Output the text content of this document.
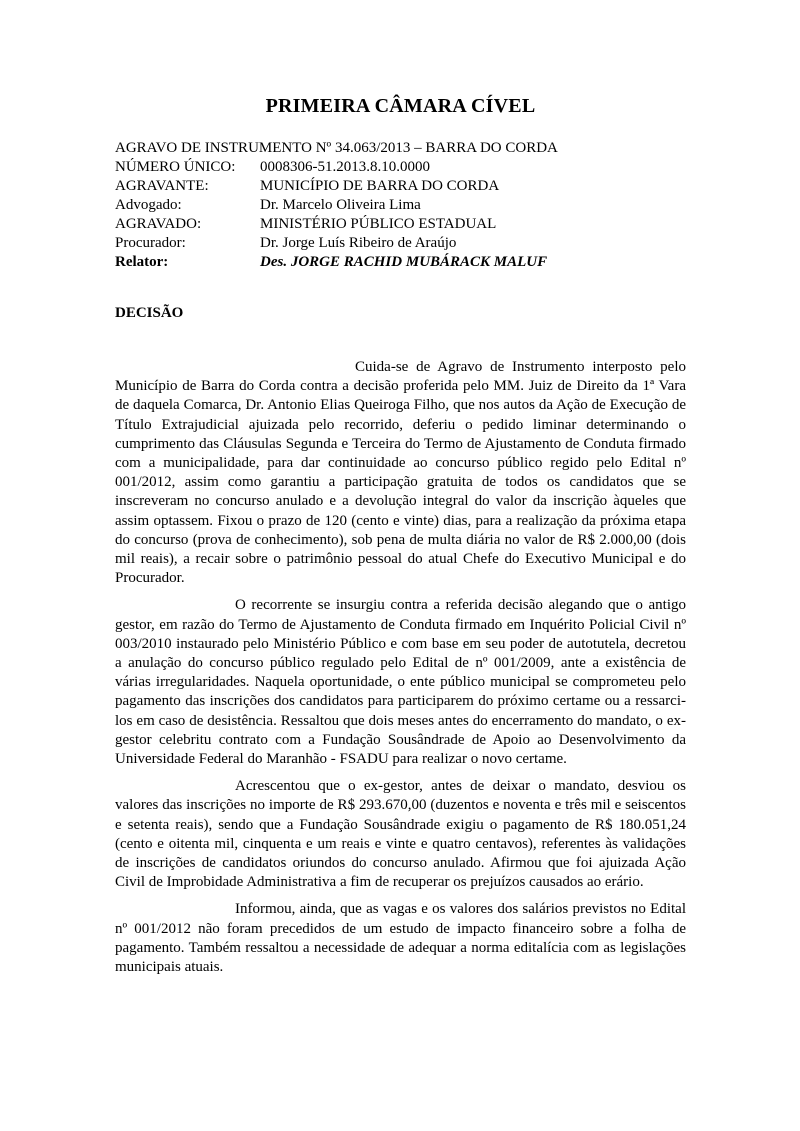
PRIMEIRA CÂMARA CÍVEL
AGRAVO DE INSTRUMENTO Nº 34.063/2013 – BARRA DO CORDA
NÚMERO ÚNICO:	0008306-51.2013.8.10.0000
AGRAVANTE:	MUNICÍPIO DE BARRA DO CORDA
Advogado:	Dr. Marcelo Oliveira Lima
AGRAVADO:	MINISTÉRIO PÚBLICO ESTADUAL
Procurador:	Dr. Jorge Luís Ribeiro de Araújo
Relator:	Des. JORGE RACHID MUBÁRACK MALUF
DECISÃO

Cuida-se de Agravo de Instrumento interposto pelo Município de Barra do Corda contra a decisão proferida pelo MM. Juiz de Direito da 1ª Vara de daquela Comarca, Dr. Antonio Elias Queiroga Filho, que nos autos da Ação de Execução de Título Extrajudicial ajuizada pelo recorrido, deferiu o pedido liminar determinando o cumprimento das Cláusulas Segunda e Terceira do Termo de Ajustamento de Conduta firmado com a municipalidade, para dar continuidade ao concurso público regido pelo Edital nº 001/2012, assim como garantiu a participação gratuita de todos os candidatos que se inscreveram no concurso anulado e a devolução integral do valor da inscrição àqueles que assim optassem. Fixou o prazo de 120 (cento e vinte) dias, para a realização da próxima etapa do concurso (prova de conhecimento), sob pena de multa diária no valor de R$ 2.000,00 (dois mil reais), a recair sobre o patrimônio pessoal do atual Chefe do Executivo Municipal e do Procurador.

O recorrente se insurgiu contra a referida decisão alegando que o antigo gestor, em razão do Termo de Ajustamento de Conduta firmado em Inquérito Policial Civil nº 003/2010 instaurado pelo Ministério Público e com base em seu poder de autotutela, decretou a anulação do concurso público regulado pelo Edital de nº 001/2009, ante a existência de várias irregularidades. Naquela oportunidade, o ente público municipal se comprometeu pelo pagamento das inscrições dos candidatos para participarem do próximo certame ou a ressarci-los em caso de desistência. Ressaltou que dois meses antes do encerramento do mandato, o ex-gestor celebritu contrato com a Fundação Sousândrade de Apoio ao Desenvolvimento da Universidade Federal do Maranhão - FSADU para realizar o novo certame.

Acrescentou que o ex-gestor, antes de deixar o mandato, desviou os valores das inscrições no importe de R$ 293.670,00 (duzentos e noventa e três mil e seiscentos e setenta reais), sendo que a Fundação Sousândrade exigiu o pagamento de R$ 180.051,24 (cento e oitenta mil, cinquenta e um reais e vinte e quatro centavos), referentes às validações de inscrições de candidatos oriundos do concurso anulado. Afirmou que foi ajuizada Ação Civil de Improbidade Administrativa a fim de recuperar os prejuízos causados ao erário.

Informou, ainda, que as vagas e os valores dos salários previstos no Edital nº 001/2012 não foram precedidos de um estudo de impacto financeiro sobre a folha de pagamento. Também ressaltou a necessidade de adequar a norma editalícia com as legislações municipais atuais.
